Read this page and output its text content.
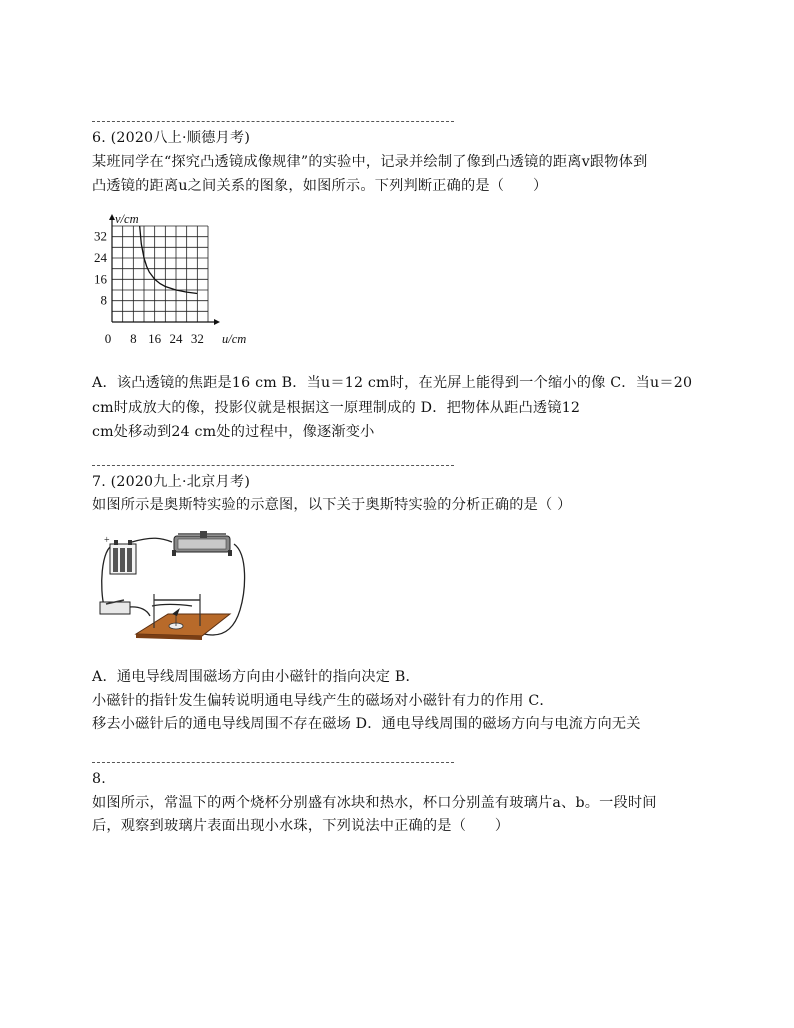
6. (2020八上·顺德月考)
某班同学在“探究凸透镜成像规律”的实验中，记录并绘制了像到凸透镜的距离v跟物体到
凸透镜的距离u之间关系的图象，如图所示。下列判断正确的是（　　）
0 8 16 24 32
8
16
24
32
u/cm
v/cm
A．该凸透镜的焦距是16 cm B．当u＝12 cm时，在光屏上能得到一个缩小的像 C．当u＝20
cm时成放大的像，投影仪就是根据这一原理制成的 D．把物体从距凸透镜12
cm处移动到24 cm处的过程中，像逐渐变小
7. (2020九上·北京月考)
如图所示是奥斯特实验的示意图，以下关于奥斯特实验的分析正确的是（ ）
+
A．通电导线周围磁场方向由小磁针的指向决定 B．
小磁针的指针发生偏转说明通电导线产生的磁场对小磁针有力的作用 C．
移去小磁针后的通电导线周围不存在磁场 D．通电导线周围的磁场方向与电流方向无关
8.
如图所示，常温下的两个烧杯分别盛有冰块和热水，杯口分别盖有玻璃片a、b。一段时间
后，观察到玻璃片表面出现小水珠，下列说法中正确的是（　　）
